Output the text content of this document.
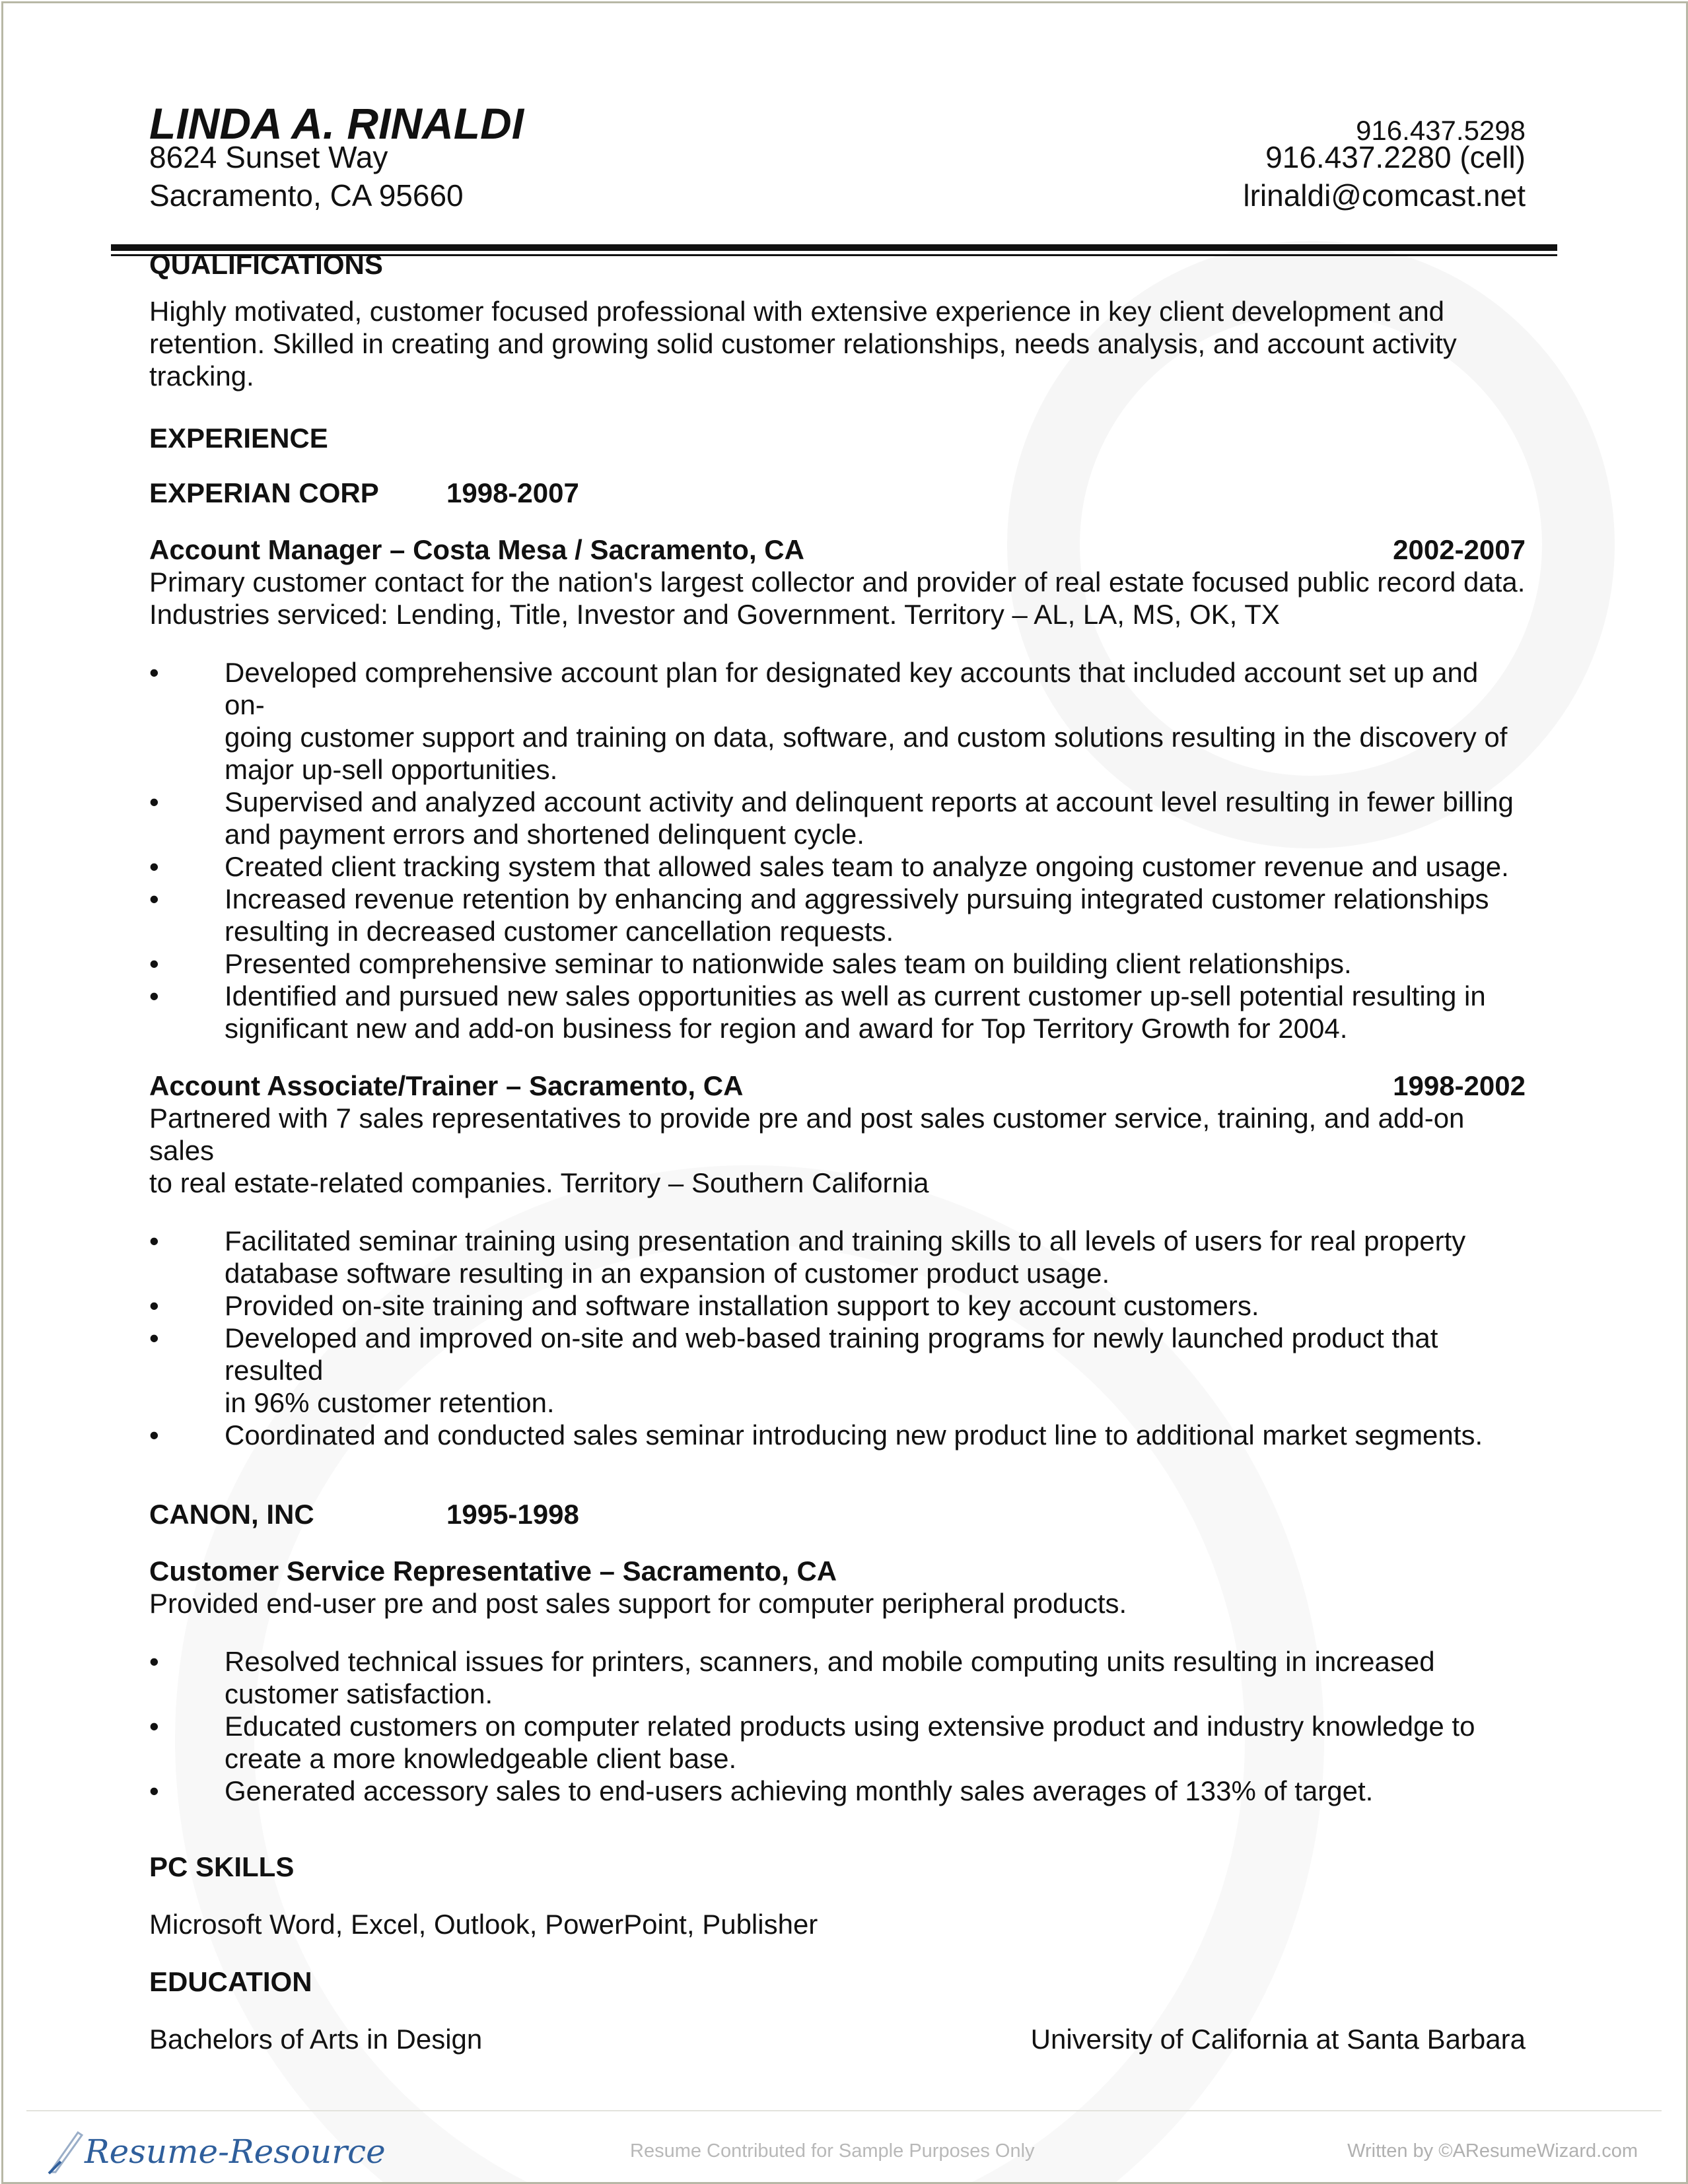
LINDA A. RINALDI	916.437.5298
8624 Sunset Way	916.437.2280 (cell)
Sacramento, CA 95660	lrinaldi@comcast.net
QUALIFICATIONS
Highly motivated, customer focused professional with extensive experience in key client development and
retention. Skilled in creating and growing solid customer relationships, needs analysis, and account activity
tracking.
EXPERIENCE
EXPERIAN CORP	1998-2007
Account Manager – Costa Mesa / Sacramento, CA	2002-2007
Primary customer contact for the nation's largest collector and provider of real estate focused public record data.
Industries serviced: Lending, Title, Investor and Government. Territory – AL, LA, MS, OK, TX
• Developed comprehensive account plan for designated key accounts that included account set up and on-
going customer support and training on data, software, and custom solutions resulting in the discovery of
major up-sell opportunities.
• Supervised and analyzed account activity and delinquent reports at account level resulting in fewer billing
and payment errors and shortened delinquent cycle.
• Created client tracking system that allowed sales team to analyze ongoing customer revenue and usage.
• Increased revenue retention by enhancing and aggressively pursuing integrated customer relationships
resulting in decreased customer cancellation requests.
• Presented comprehensive seminar to nationwide sales team on building client relationships.
• Identified and pursued new sales opportunities as well as current customer up-sell potential resulting in
significant new and add-on business for region and award for Top Territory Growth for 2004.
Account Associate/Trainer – Sacramento, CA	1998-2002
Partnered with 7 sales representatives to provide pre and post sales customer service, training, and add-on sales
to real estate-related companies. Territory – Southern California
• Facilitated seminar training using presentation and training skills to all levels of users for real property
database software resulting in an expansion of customer product usage.
• Provided on-site training and software installation support to key account customers.
• Developed and improved on-site and web-based training programs for newly launched product that resulted
in 96% customer retention.
• Coordinated and conducted sales seminar introducing new product line to additional market segments.
CANON, INC	1995-1998
Customer Service Representative – Sacramento, CA
Provided end-user pre and post sales support for computer peripheral products.
• Resolved technical issues for printers, scanners, and mobile computing units resulting in increased
customer satisfaction.
• Educated customers on computer related products using extensive product and industry knowledge to
create a more knowledgeable client base.
• Generated accessory sales to end-users achieving monthly sales averages of 133% of target.
PC SKILLS
Microsoft Word, Excel, Outlook, PowerPoint, Publisher
EDUCATION
Bachelors of Arts in Design	University of California at Santa Barbara
Resume-Resource	Resume Contributed for Sample Purposes Only	Written by ©AResumeWizard.com
